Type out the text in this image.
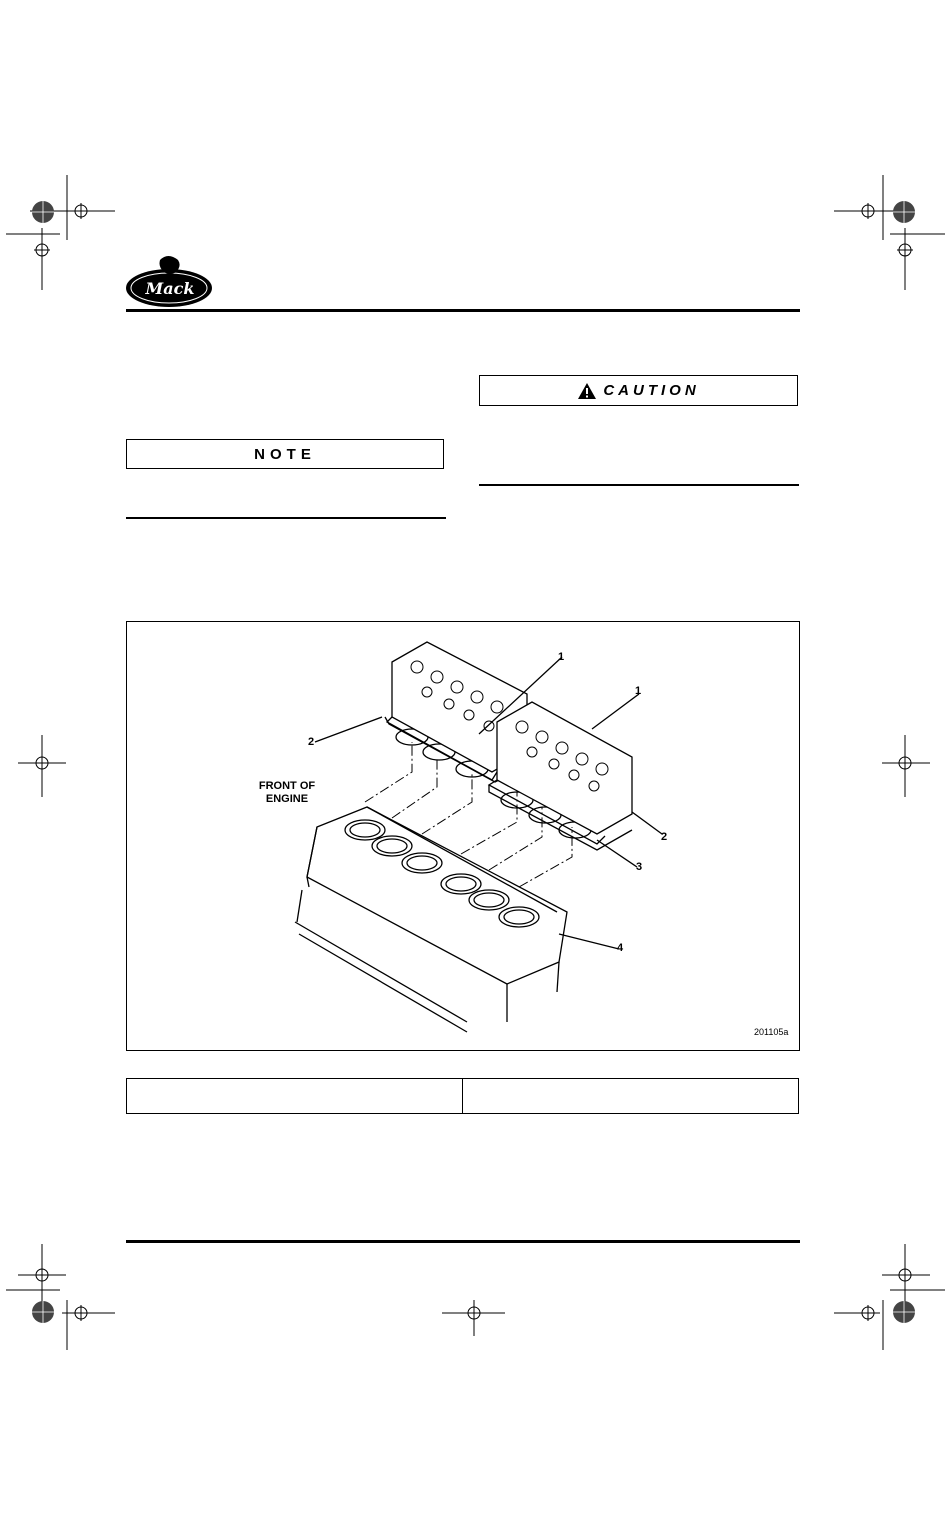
Mack
NOTE
CAUTION
FRONT OF
ENGINE
1
1
2
2
3
4
201105a
